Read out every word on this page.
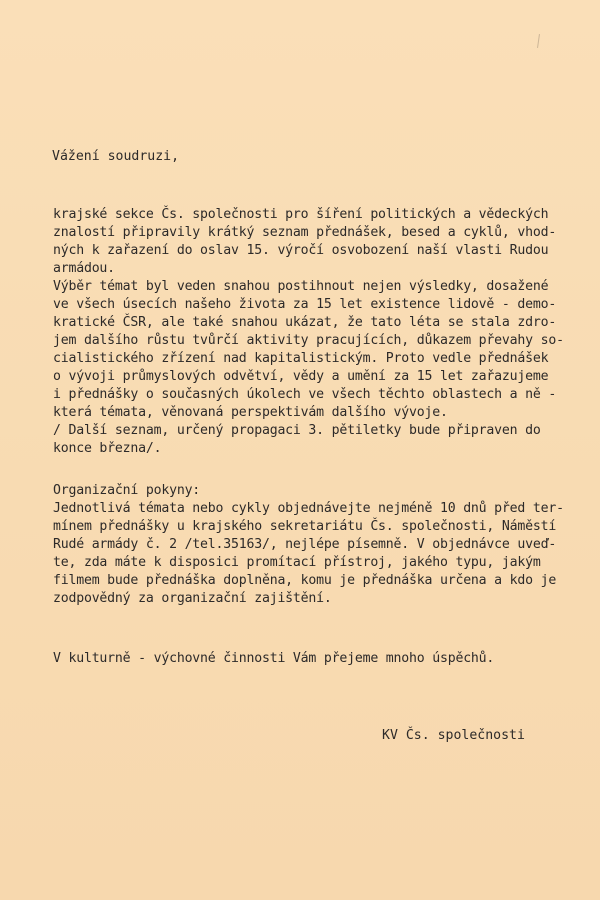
Vážení soudruzi,
krajské sekce Čs. společnosti pro šíření politických a vědeckých
znalostí připravily krátký seznam přednášek, besed a cyklů, vhod-
ných k zařazení do oslav 15. výročí osvobození naší vlasti Rudou
armádou.
Výběr témat byl veden snahou postihnout nejen výsledky, dosažené
ve všech úsecích našeho života za 15 let existence lidově - demo-
kratické ČSR, ale také snahou ukázat, že tato léta se stala zdro-
jem dalšího růstu tvůrčí aktivity pracujících, důkazem převahy so-
cialistického zřízení nad kapitalistickým. Proto vedle přednášek
o vývoji průmyslových odvětví, vědy a umění za 15 let zařazujeme
i přednášky o současných úkolech ve všech těchto oblastech a ně -
která témata, věnovaná perspektivám dalšího vývoje.
/ Další seznam, určený propagaci 3. pětiletky bude připraven do
konce března/.
Organizační pokyny:
Jednotlivá témata nebo cykly objednávejte nejméně 10 dnů před ter-
mínem přednášky u krajského sekretariátu Čs. společnosti, Náměstí
Rudé armády č. 2 /tel.35163/, nejlépe písemně. V objednávce uveď-
te, zda máte k disposici promítací přístroj, jakého typu, jakým
filmem bude přednáška doplněna, komu je přednáška určena a kdo je
zodpovědný za organizační zajištění.
V kulturně - výchovné činnosti Vám přejeme mnoho úspěchů.
KV Čs. společnosti
